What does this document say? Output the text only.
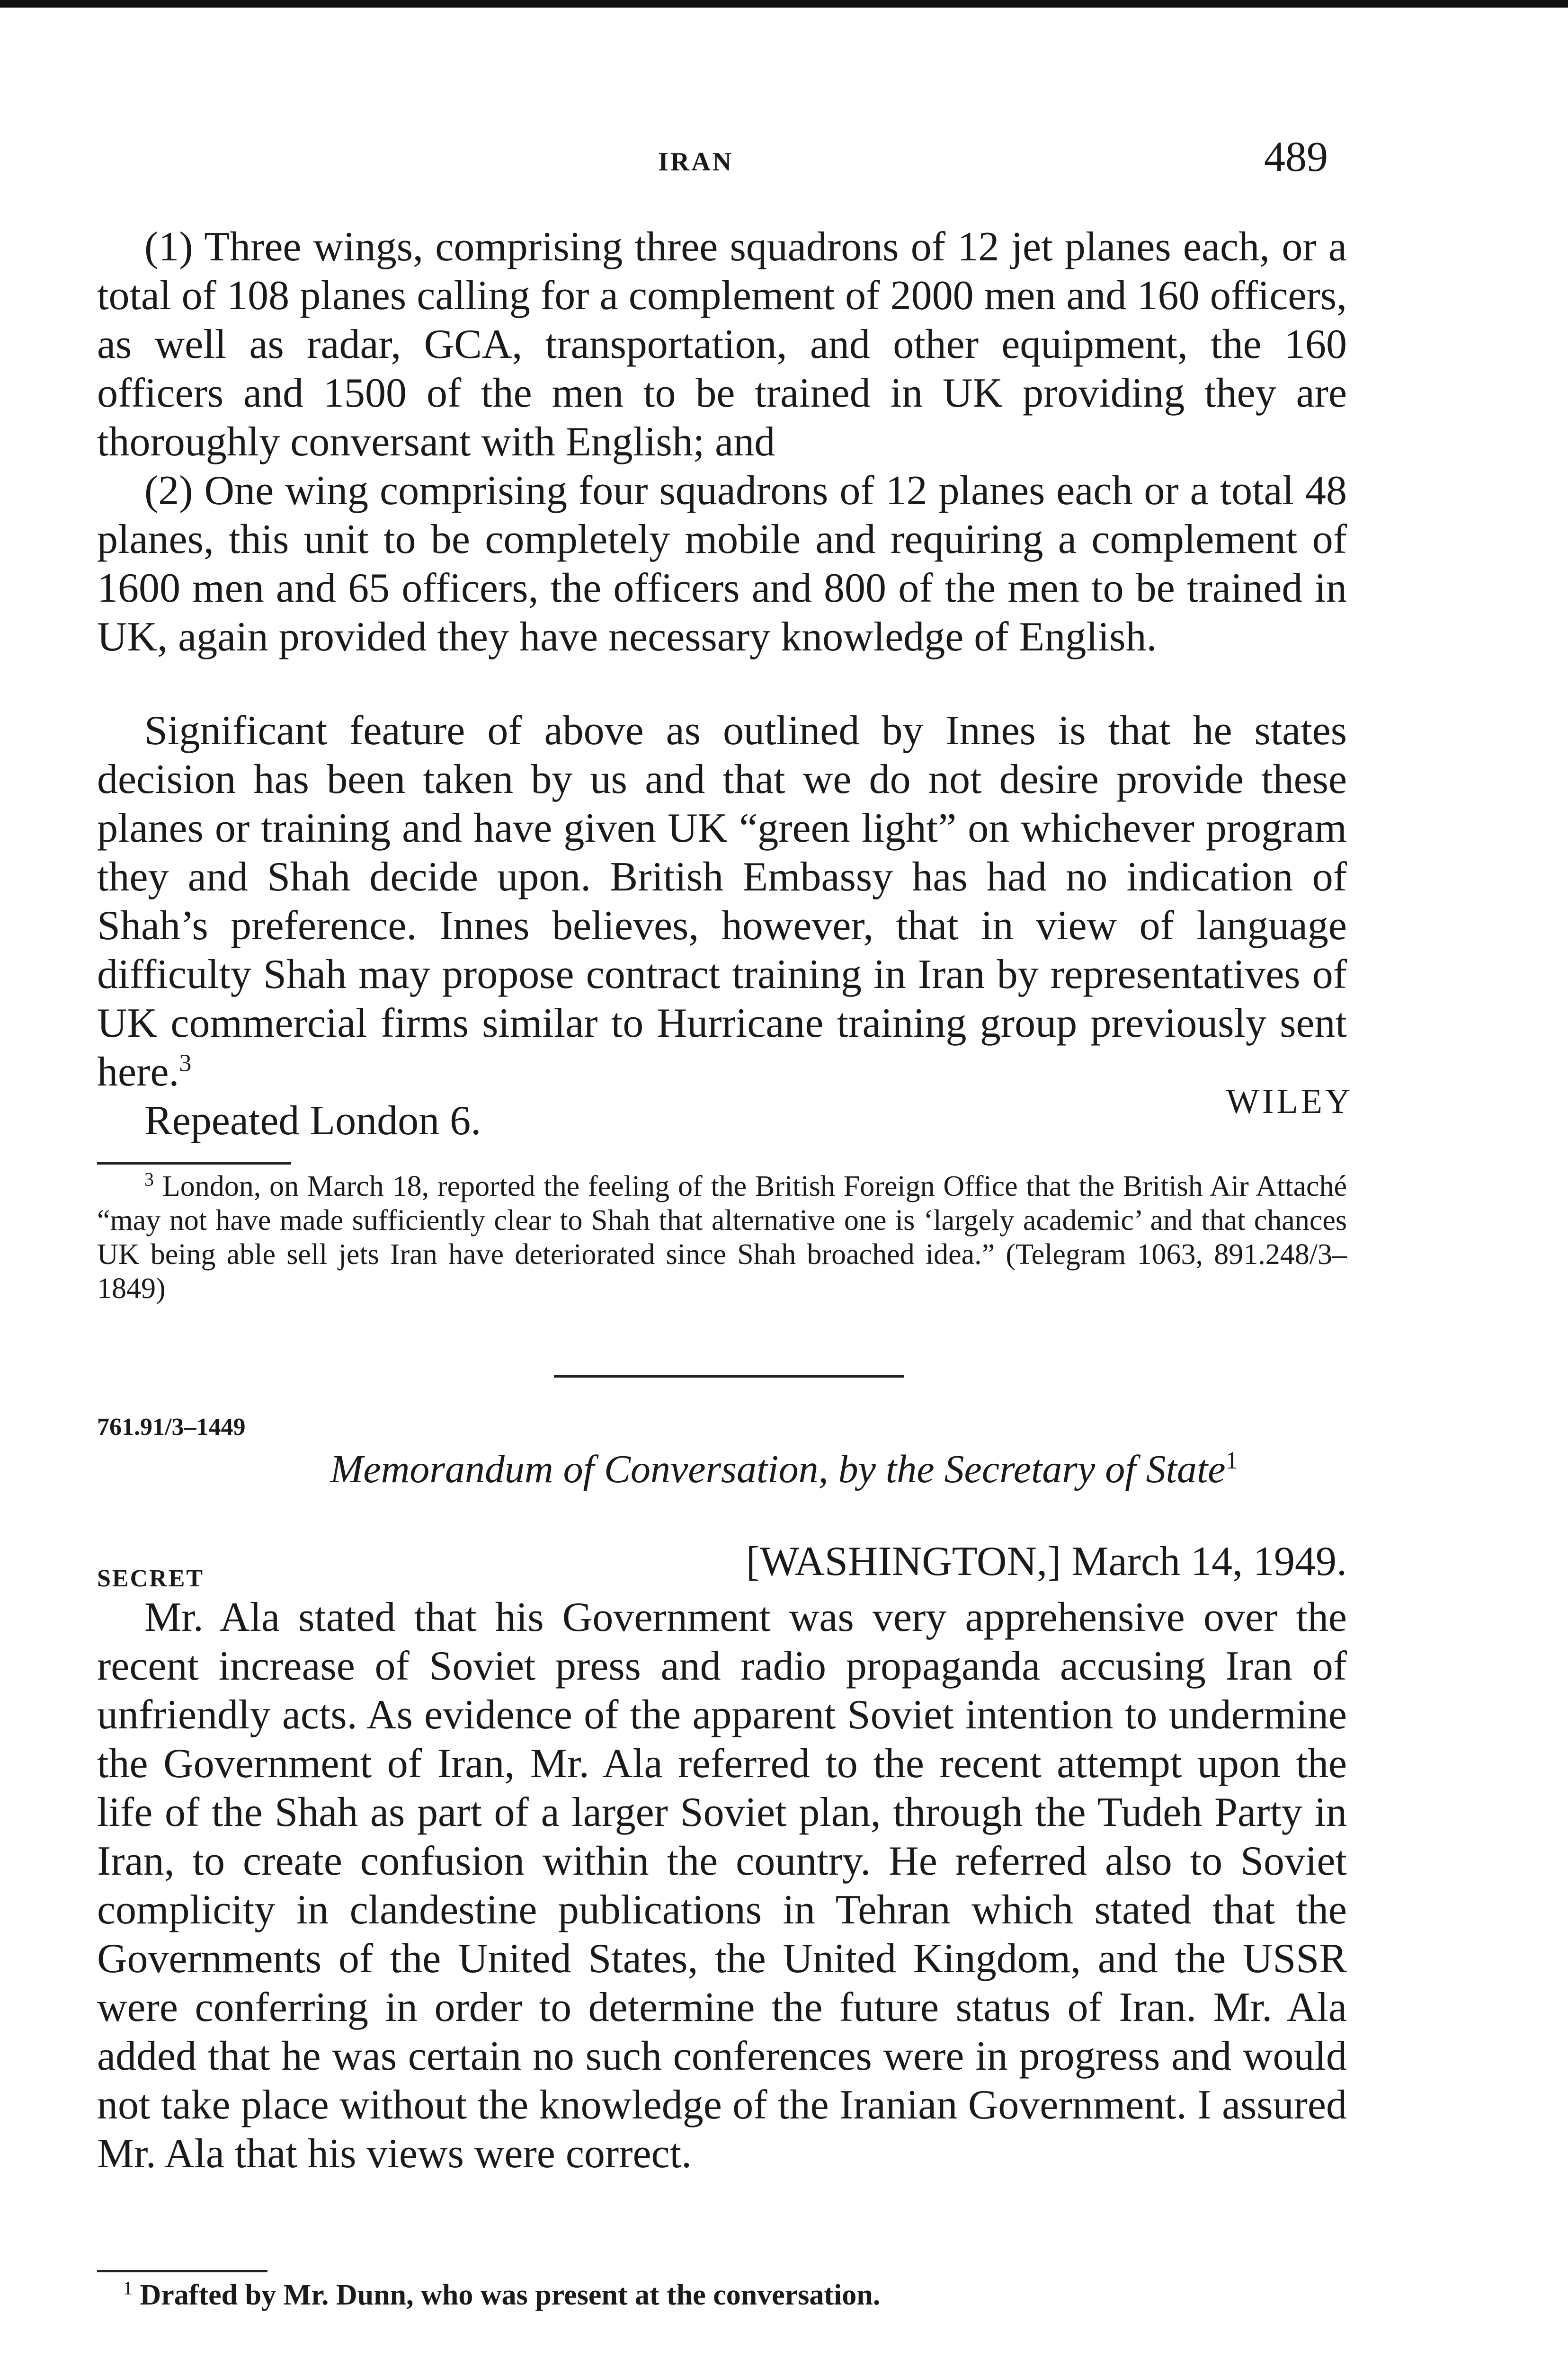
IRAN	489

(1) Three wings, comprising three squadrons of 12 jet planes each, or a total of 108 planes calling for a complement of 2000 men and 160 officers, as well as radar, GCA, transportation, and other equipment, the 160 officers and 1500 of the men to be trained in UK providing they are thoroughly conversant with English; and

(2) One wing comprising four squadrons of 12 planes each or a total 48 planes, this unit to be completely mobile and requiring a complement of 1600 men and 65 officers, the officers and 800 of the men to be trained in UK, again provided they have necessary knowledge of English.

Significant feature of above as outlined by Innes is that he states decision has been taken by us and that we do not desire provide these planes or training and have given UK “green light” on whichever program they and Shah decide upon. British Embassy has had no indication of Shah’s preference. Innes believes, however, that in view of language difficulty Shah may propose contract training in Iran by representatives of UK commercial firms similar to Hurricane training group previously sent here.$^3$

Repeated London 6.	WILEY
$^3$ London, on March 18, reported the feeling of the British Foreign Office that the British Air Attaché “may not have made sufficiently clear to Shah that alternative one is ‘largely academic’ and that chances UK being able sell jets Iran have deteriorated since Shah broached idea.” (Telegram 1063, 891.248/3–1849)
761.91/3–1449
Memorandum of Conversation, by the Secretary of State$^1$
SECRET	[WASHINGTON,] March 14, 1949.

Mr. Ala stated that his Government was very apprehensive over the recent increase of Soviet press and radio propaganda accusing Iran of unfriendly acts. As evidence of the apparent Soviet intention to undermine the Government of Iran, Mr. Ala referred to the recent attempt upon the life of the Shah as part of a larger Soviet plan, through the Tudeh Party in Iran, to create confusion within the country. He referred also to Soviet complicity in clandestine publications in Tehran which stated that the Governments of the United States, the United Kingdom, and the USSR were conferring in order to determine the future status of Iran. Mr. Ala added that he was certain no such conferences were in progress and would not take place without the knowledge of the Iranian Government. I assured Mr. Ala that his views were correct.

$^1$ Drafted by Mr. Dunn, who was present at the conversation.
